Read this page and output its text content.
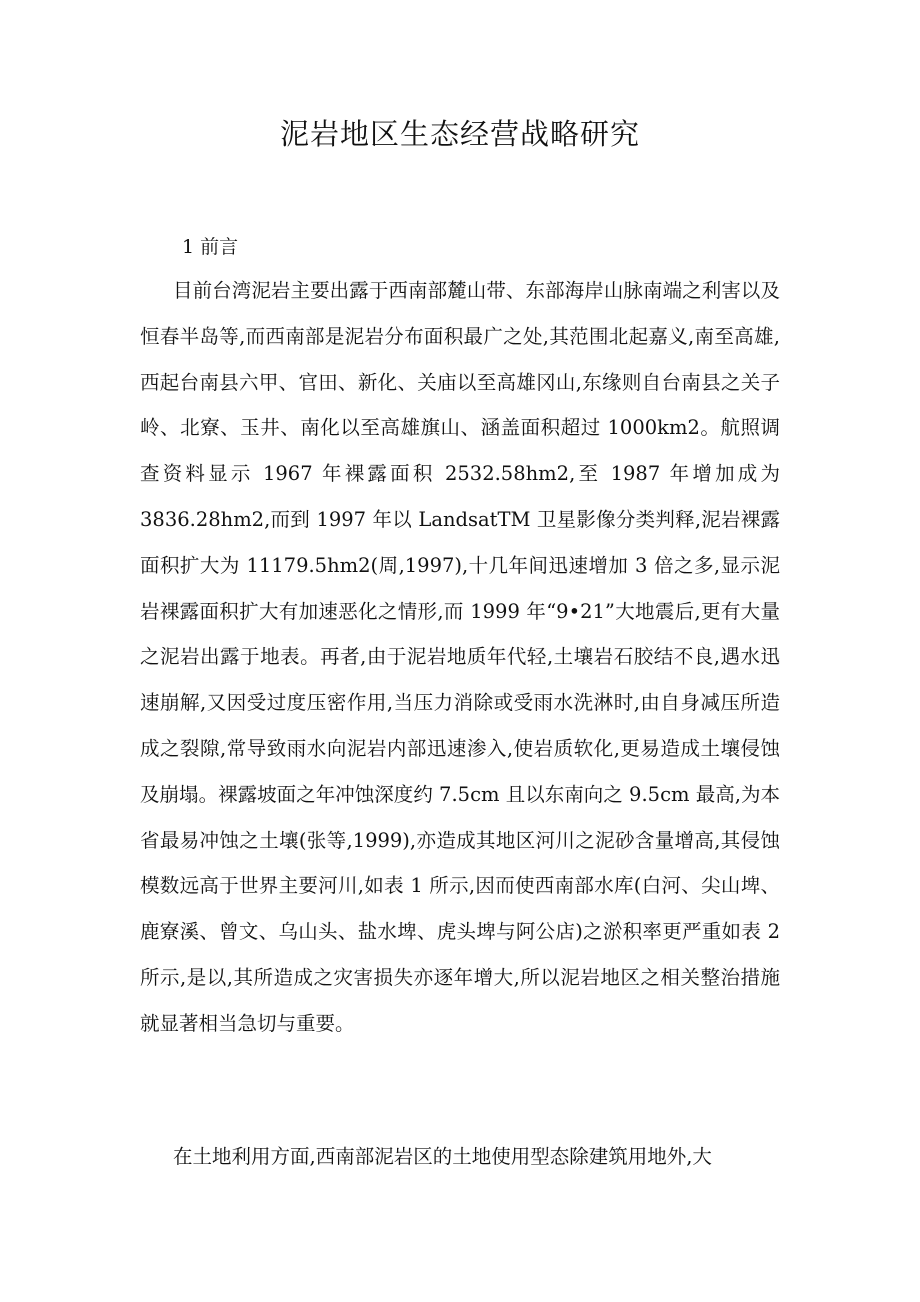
泥岩地区生态经营战略研究
1 前言

目前台湾泥岩主要出露于西南部麓山带、东部海岸山脉南端之利害以及恒春半岛等,而西南部是泥岩分布面积最广之处,其范围北起嘉义,南至高雄,西起台南县六甲、官田、新化、关庙以至高雄冈山,东缘则自台南县之关子岭、北寮、玉井、南化以至高雄旗山、涵盖面积超过 1000km2。航照调查资料显示 1967 年裸露面积 2532.58hm2,至 1987 年增加成为 3836.28hm2,而到 1997 年以 LandsatTM 卫星影像分类判释,泥岩裸露面积扩大为 11179.5hm2(周,1997),十几年间迅速增加 3 倍之多,显示泥岩裸露面积扩大有加速恶化之情形,而 1999 年“9•21”大地震后,更有大量之泥岩出露于地表。再者,由于泥岩地质年代轻,土壤岩石胶结不良,遇水迅速崩解,又因受过度压密作用,当压力消除或受雨水洗淋时,由自身减压所造成之裂隙,常导致雨水向泥岩内部迅速渗入,使岩质软化,更易造成土壤侵蚀及崩塌。裸露坡面之年冲蚀深度约 7.5cm 且以东南向之 9.5cm 最高,为本省最易冲蚀之土壤(张等,1999),亦造成其地区河川之泥砂含量增高,其侵蚀模数远高于世界主要河川,如表 1 所示,因而使西南部水库(白河、尖山埤、鹿寮溪、曾文、乌山头、盐水埤、虎头埤与阿公店)之淤积率更严重如表 2 所示,是以,其所造成之灾害损失亦逐年增大,所以泥岩地区之相关整治措施就显著相当急切与重要。

在土地利用方面,西南部泥岩区的土地使用型态除建筑用地外,大
